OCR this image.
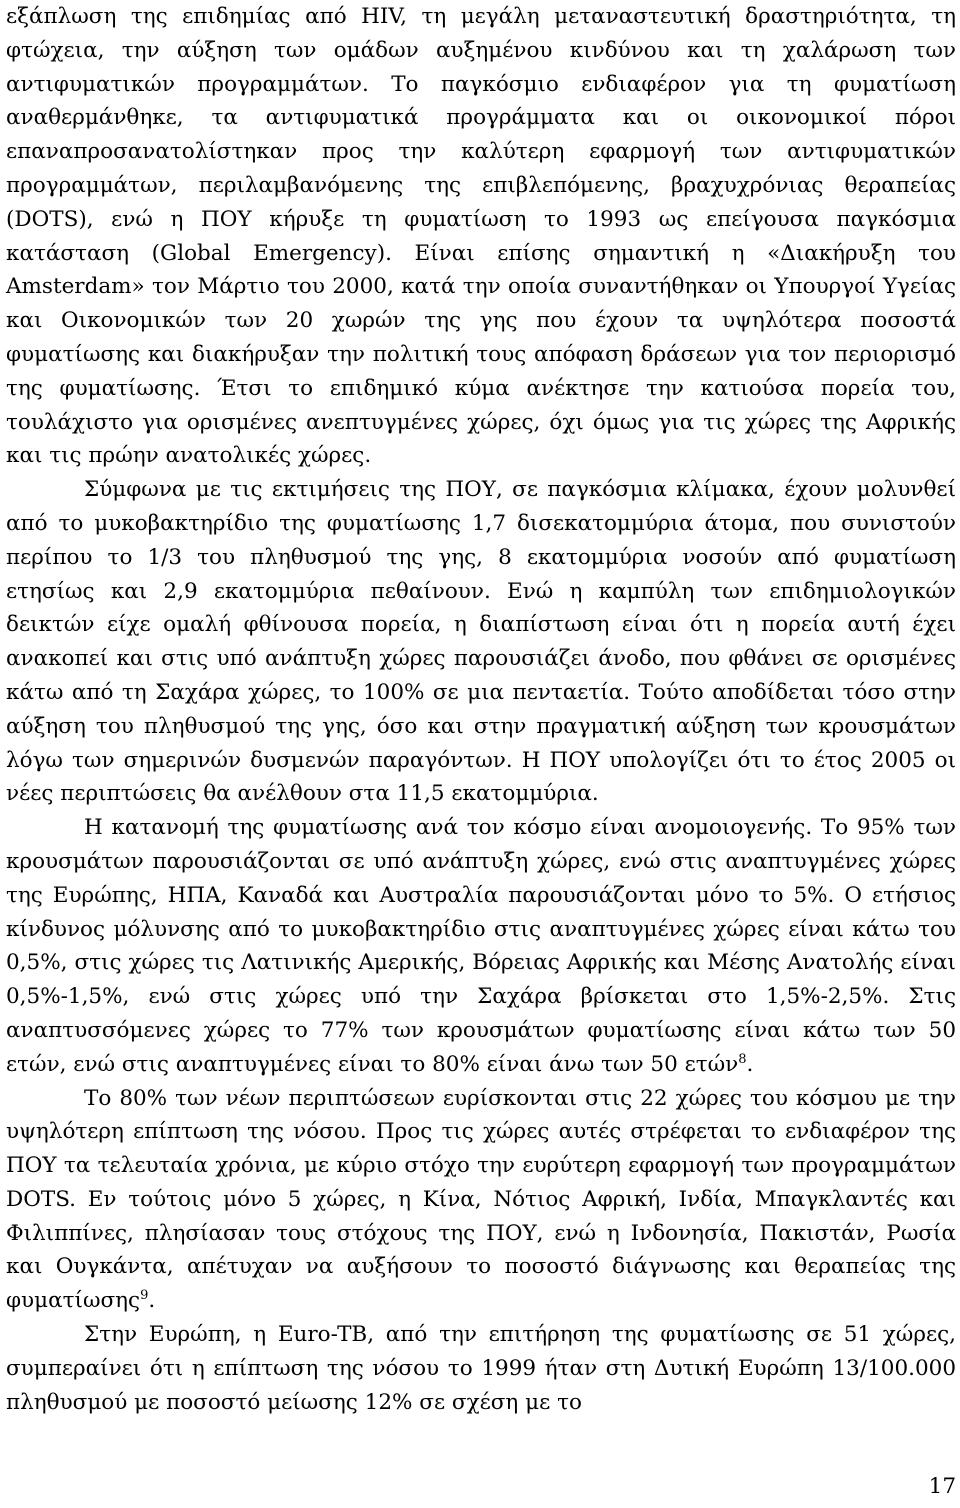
εξάπλωση της επιδημίας από HIV, τη μεγάλη μεταναστευτική δραστηριότητα, τη φτώχεια, την αύξηση των ομάδων αυξημένου κινδύνου και τη χαλάρωση των αντιφυματικών προγραμμάτων. Το παγκόσμιο ενδιαφέρον για τη φυματίωση αναθερμάνθηκε, τα αντιφυματικά προγράμματα και οι οικονομικοί πόροι επαναπροσανατολίστηκαν προς την καλύτερη εφαρμογή των αντιφυματικών προγραμμάτων, περιλαμβανόμενης της επιβλεπόμενης, βραχυχρόνιας θεραπείας (DOTS), ενώ η ΠΟΥ κήρυξε τη φυματίωση το 1993 ως επείγουσα παγκόσμια κατάσταση (Global Emergency). Είναι επίσης σημαντική η «Διακήρυξη του Amsterdam» τον Μάρτιο του 2000, κατά την οποία συναντήθηκαν οι Υπουργοί Υγείας και Οικονομικών των 20 χωρών της γης που έχουν τα υψηλότερα ποσοστά φυματίωσης και διακήρυξαν την πολιτική τους απόφαση δράσεων για τον περιορισμό της φυματίωσης. Έτσι το επιδημικό κύμα ανέκτησε την κατιούσα πορεία του, τουλάχιστο για ορισμένες ανεπτυγμένες χώρες, όχι όμως για τις χώρες της Αφρικής και τις πρώην ανατολικές χώρες.

Σύμφωνα με τις εκτιμήσεις της ΠΟΥ, σε παγκόσμια κλίμακα, έχουν μολυνθεί από το μυκοβακτηρίδιο της φυματίωσης 1,7 δισεκατομμύρια άτομα, που συνιστούν περίπου το 1/3 του πληθυσμού της γης, 8 εκατομμύρια νοσούν από φυματίωση ετησίως και 2,9 εκατομμύρια πεθαίνουν. Ενώ η καμπύλη των επιδημιολογικών δεικτών είχε ομαλή φθίνουσα πορεία, η διαπίστωση είναι ότι η πορεία αυτή έχει ανακοπεί και στις υπό ανάπτυξη χώρες παρουσιάζει άνοδο, που φθάνει σε ορισμένες κάτω από τη Σαχάρα χώρες, το 100% σε μια πενταετία. Τούτο αποδίδεται τόσο στην αύξηση του πληθυσμού της γης, όσο και στην πραγματική αύξηση των κρουσμάτων λόγω των σημερινών δυσμενών παραγόντων. Η ΠΟΥ υπολογίζει ότι το έτος 2005 οι νέες περιπτώσεις θα ανέλθουν στα 11,5 εκατομμύρια.

Η κατανομή της φυματίωσης ανά τον κόσμο είναι ανομοιογενής. Το 95% των κρουσμάτων παρουσιάζονται σε υπό ανάπτυξη χώρες, ενώ στις αναπτυγμένες χώρες της Ευρώπης, ΗΠΑ, Καναδά και Αυστραλία παρουσιάζονται μόνο το 5%. Ο ετήσιος κίνδυνος μόλυνσης από το μυκοβακτηρίδιο στις αναπτυγμένες χώρες είναι κάτω του 0,5%, στις χώρες τις Λατινικής Αμερικής, Βόρειας Αφρικής και Μέσης Ανατολής είναι 0,5%-1,5%, ενώ στις χώρες υπό την Σαχάρα βρίσκεται στο 1,5%-2,5%. Στις αναπτυσσόμενες χώρες το 77% των κρουσμάτων φυματίωσης είναι κάτω των 50 ετών, ενώ στις αναπτυγμένες είναι το 80% είναι άνω των 50 ετών$^8$.

Το 80% των νέων περιπτώσεων ευρίσκονται στις 22 χώρες του κόσμου με την υψηλότερη επίπτωση της νόσου. Προς τις χώρες αυτές στρέφεται το ενδιαφέρον της ΠΟΥ τα τελευταία χρόνια, με κύριο στόχο την ευρύτερη εφαρμογή των προγραμμάτων DOTS. Εν τούτοις μόνο 5 χώρες, η Κίνα, Νότιος Αφρική, Ινδία, Μπαγκλαντές και Φιλιππίνες, πλησίασαν τους στόχους της ΠΟΥ, ενώ η Ινδονησία, Πακιστάν, Ρωσία και Ουγκάντα, απέτυχαν να αυξήσουν το ποσοστό διάγνωσης και θεραπείας της φυματίωσης$^9$.

Στην Ευρώπη, η Euro-TB, από την επιτήρηση της φυματίωσης σε 51 χώρες, συμπεραίνει ότι η επίπτωση της νόσου το 1999 ήταν στη Δυτική Ευρώπη 13/100.000 πληθυσμού με ποσοστό μείωσης 12% σε σχέση με το

17
